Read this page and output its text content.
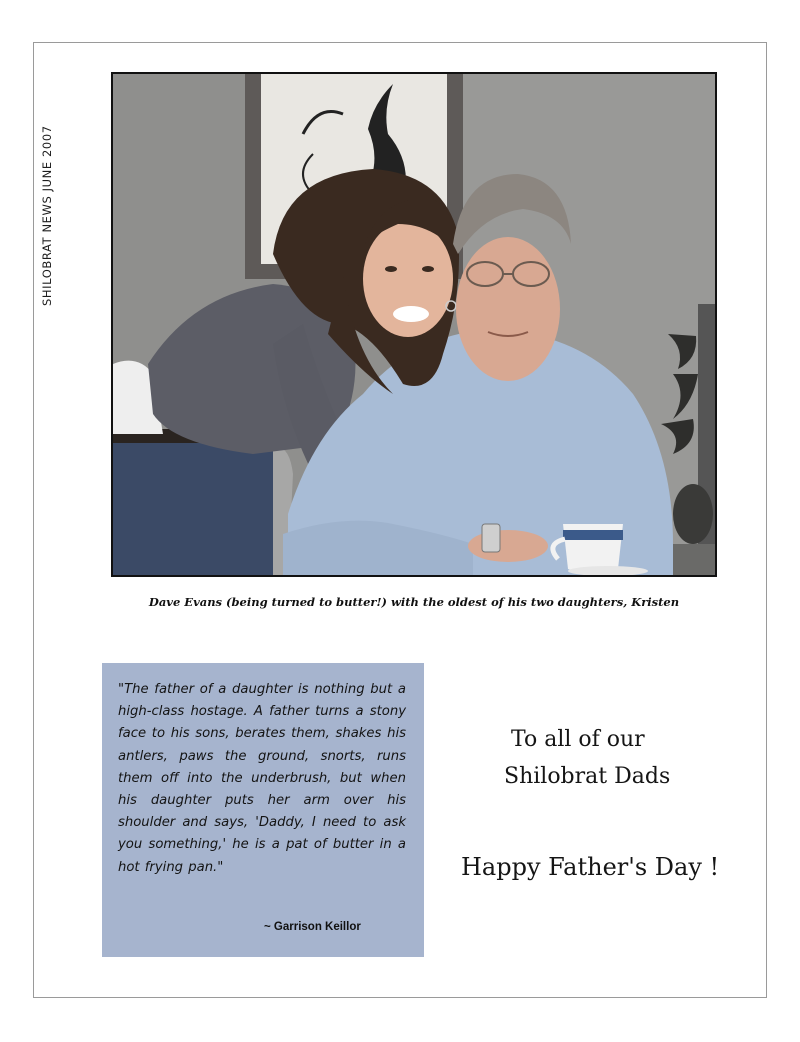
SHILOBRAT NEWS JUNE 2007
Dave Evans (being turned to butter!) with the oldest of his two daughters, Kristen

"The father of a daughter is nothing but a high-class hostage. A father turns a stony face to his sons, berates them, shakes his antlers, paws the ground, snorts, runs them off into the underbrush, but when his daughter puts her arm over his shoulder and says, 'Daddy, I need to ask you something,' he is a pat of butter in a hot frying pan."

~ Garrison Keillor
To all of our
Shilobrat Dads
Happy Father's Day !
